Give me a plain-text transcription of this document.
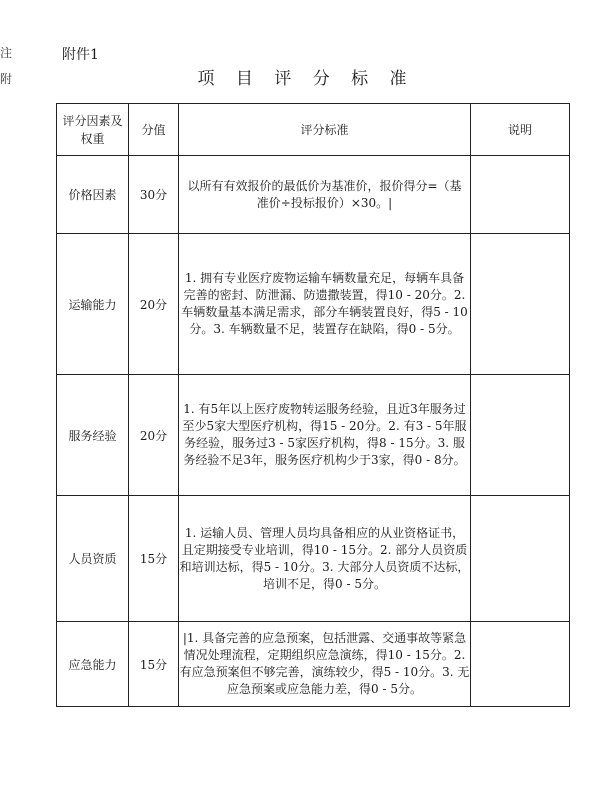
注
附
附件1
项 目 评 分 标 准
评分因素及权重	分值	评分标准	说明
价格因素	30分	以所有有效报价的最低价为基准价，报价得分=（基准价÷投标报价）×30。|	
运输能力	20分	1. 拥有专业医疗废物运输车辆数量充足，每辆车具备完善的密封、防泄漏、防遗撒装置，得10 - 20分。2. 车辆数量基本满足需求，部分车辆装置良好，得5 - 10分。3. 车辆数量不足，装置存在缺陷，得0 - 5分。	
服务经验	20分	1. 有5年以上医疗废物转运服务经验，且近3年服务过至少5家大型医疗机构，得15 - 20分。2. 有3 - 5年服务经验，服务过3 - 5家医疗机构，得8 - 15分。3. 服务经验不足3年，服务医疗机构少于3家，得0 - 8分。	
人员资质	15分	1. 运输人员、管理人员均具备相应的从业资格证书，且定期接受专业培训，得10 - 15分。2. 部分人员资质和培训达标，得5 - 10分。3. 大部分人员资质不达标，培训不足，得0 - 5分。	
应急能力	15分	|1. 具备完善的应急预案，包括泄露、交通事故等紧急情况处理流程，定期组织应急演练，得10 - 15分。2. 有应急预案但不够完善，演练较少，得5 - 10分。3. 无应急预案或应急能力差，得0 - 5分。	
